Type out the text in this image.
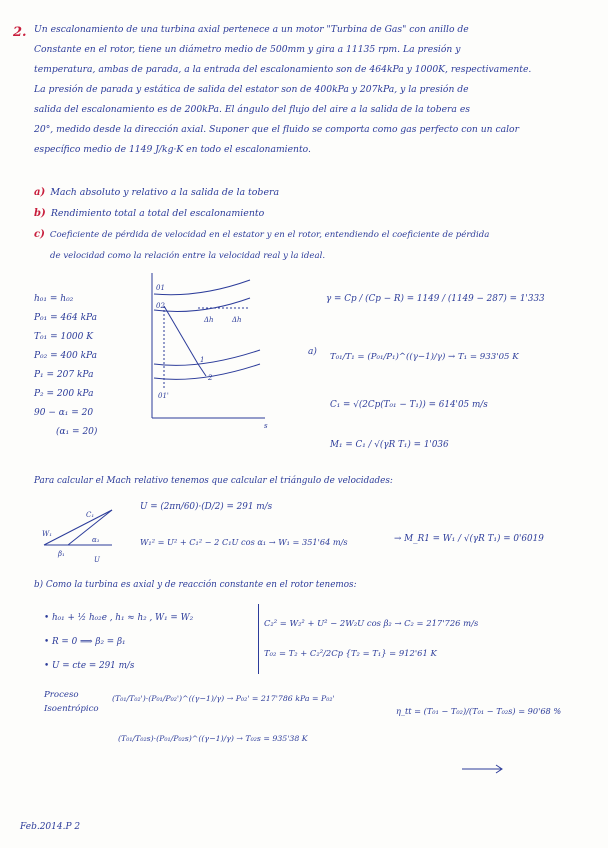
2. Un escalonamiento de una turbina axial pertenece a un motor "Turbina de Gas" con anillo de
Constante en el rotor, tiene un diámetro medio de 500mm y gira a 11135 rpm. La presión y
temperatura, ambas de parada, a la entrada del escalonamiento son de 464kPa y 1000K, respectivamente.
La presión de parada y estática de salida del estator son de 400kPa y 207kPa, y la presión de
salida del escalonamiento es de 200kPa. El ángulo del flujo del aire a la salida de la tobera es
20°, medido desde la dirección axial. Suponer que el fluido se comporta como gas perfecto con un calor
específico medio de 1149 J/kg·K en todo el escalonamiento.
a) Mach absoluto y relativo a la salida de la tobera
b) Rendimiento total a total del escalonamiento
c) Coeficiente de pérdida de velocidad en el estator y en el rotor, entendiendo el coeficiente de pérdida
de velocidad como la relación entre la velocidad real y la ideal.
h₀₁ = h₀₂
P₀₁ = 464 kPa
T₀₁ = 1000 K
P₀₂ = 400 kPa
P₁ = 207 kPa
P₂ = 200 kPa
90 − α₁ = 20
(α₁ = 20)
01
02
1
2
01'
s
Δh	Δh
γ = Cp / (Cp − R) = 1149 / (1149 − 287) = 1'333
a) T₀₁/T₁ = (P₀₁/P₁)^((γ−1)/γ) → T₁ = 933'05 K
C₁ = √(2Cp(T₀₁ − T₁)) = 614'05 m/s
M₁ = C₁ / √(γR T₁) = 1'036
Para calcular el Mach relativo tenemos que calcular el triángulo de velocidades:
C₁
W₁
α₁
β₁
U
U = (2πn/60)·(D/2) = 291 m/s
W₁² = U² + C₁² − 2 C₁U cos α₁ → W₁ = 351'64 m/s	→ M_R1 = W₁ / √(γR T₁) = 0'6019
b) Como la turbina es axial y de reacción constante en el rotor tenemos:
• h₀₁ + ½ h₀₂e , h₁ ≈ h₂ , W₁ = W₂
• R = 0 ⟹ β₂ = β₁
• U = cte = 291 m/s
C₂² = W₂² + U² − 2W₂U cos β₂ → C₂ = 217'726 m/s
T₀₂ = T₂ + C₂²/2Cp {T₂ = T₁} = 912'61 K
Proceso
Isoentrópico
(T₀₁/T₀₂')·(P₀₁/P₀₂')^((γ−1)/γ) → P₀₂' = 217'786 kPa = P₀₂'
(T₀₁/T₀₂s)·(P₀₁/P₀₂s)^((γ−1)/γ) → T₀₂s = 935'38 K
η_tt = (T₀₁ − T₀₂)/(T₀₁ − T₀₂s) = 90'68 %
Feb.2014.P 2
